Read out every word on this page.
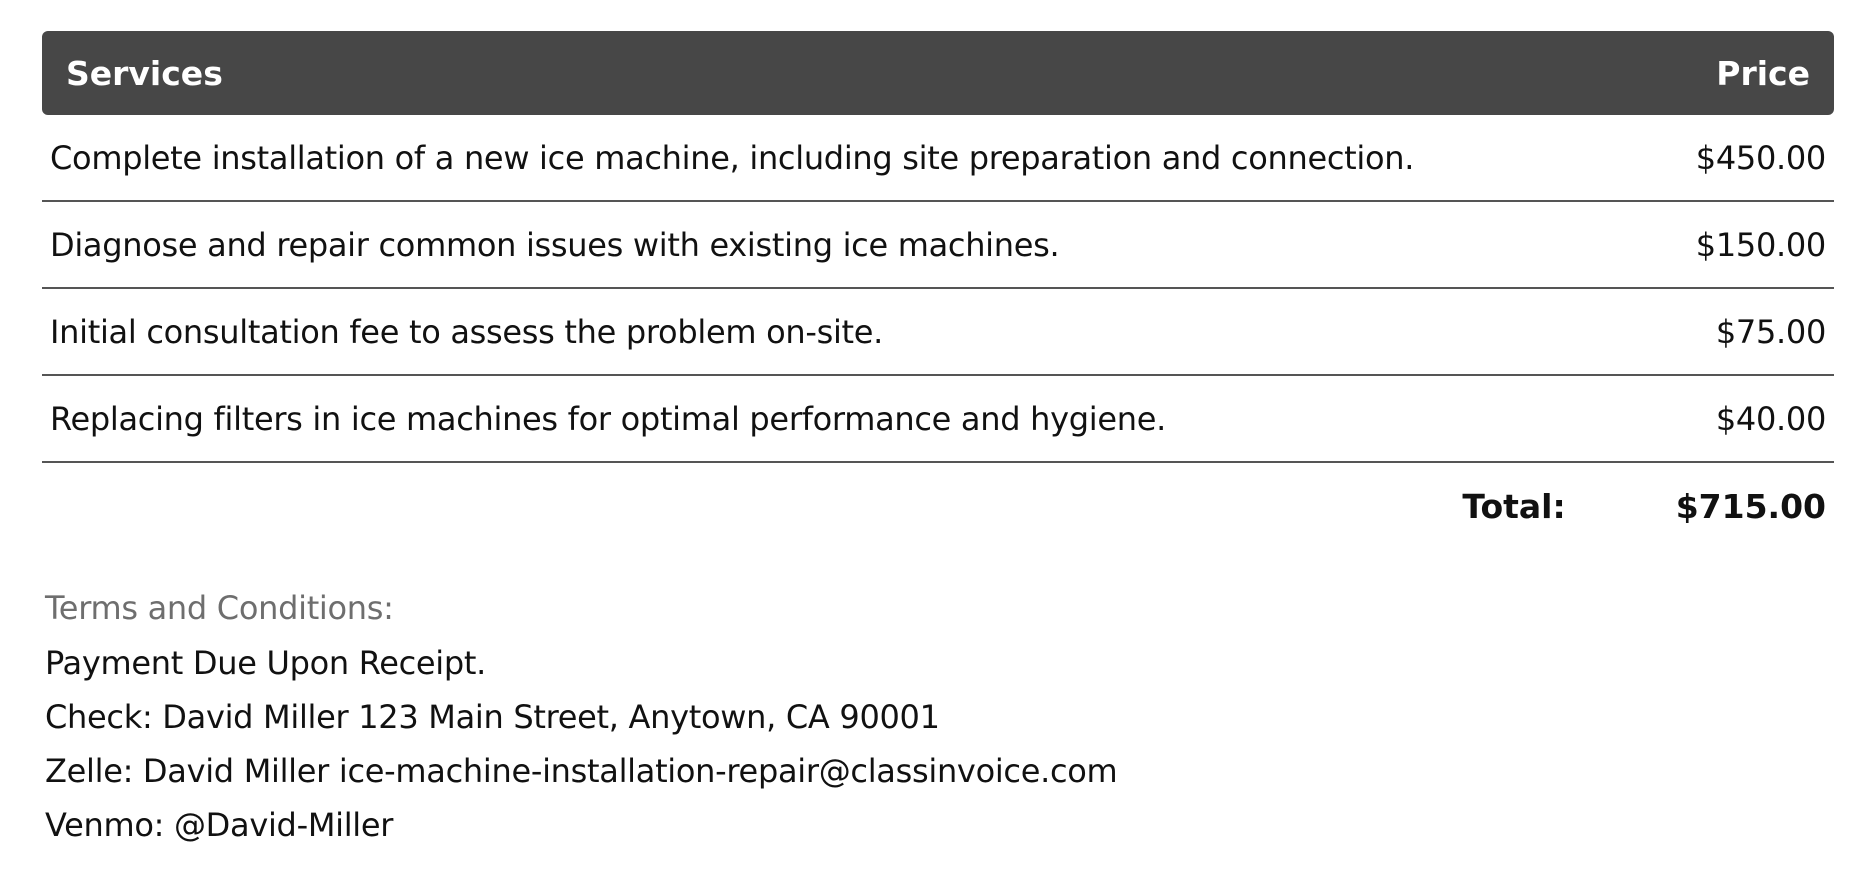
Services	Price
Complete installation of a new ice machine, including site preparation and connection.	$450.00
Diagnose and repair common issues with existing ice machines.	$150.00
Initial consultation fee to assess the problem on-site.	$75.00
Replacing filters in ice machines for optimal performance and hygiene.	$40.00
Total:	$715.00
Terms and Conditions:
Payment Due Upon Receipt.
Check: David Miller 123 Main Street, Anytown, CA 90001
Zelle: David Miller ice-machine-installation-repair@classinvoice.com
Venmo: @David-Miller
